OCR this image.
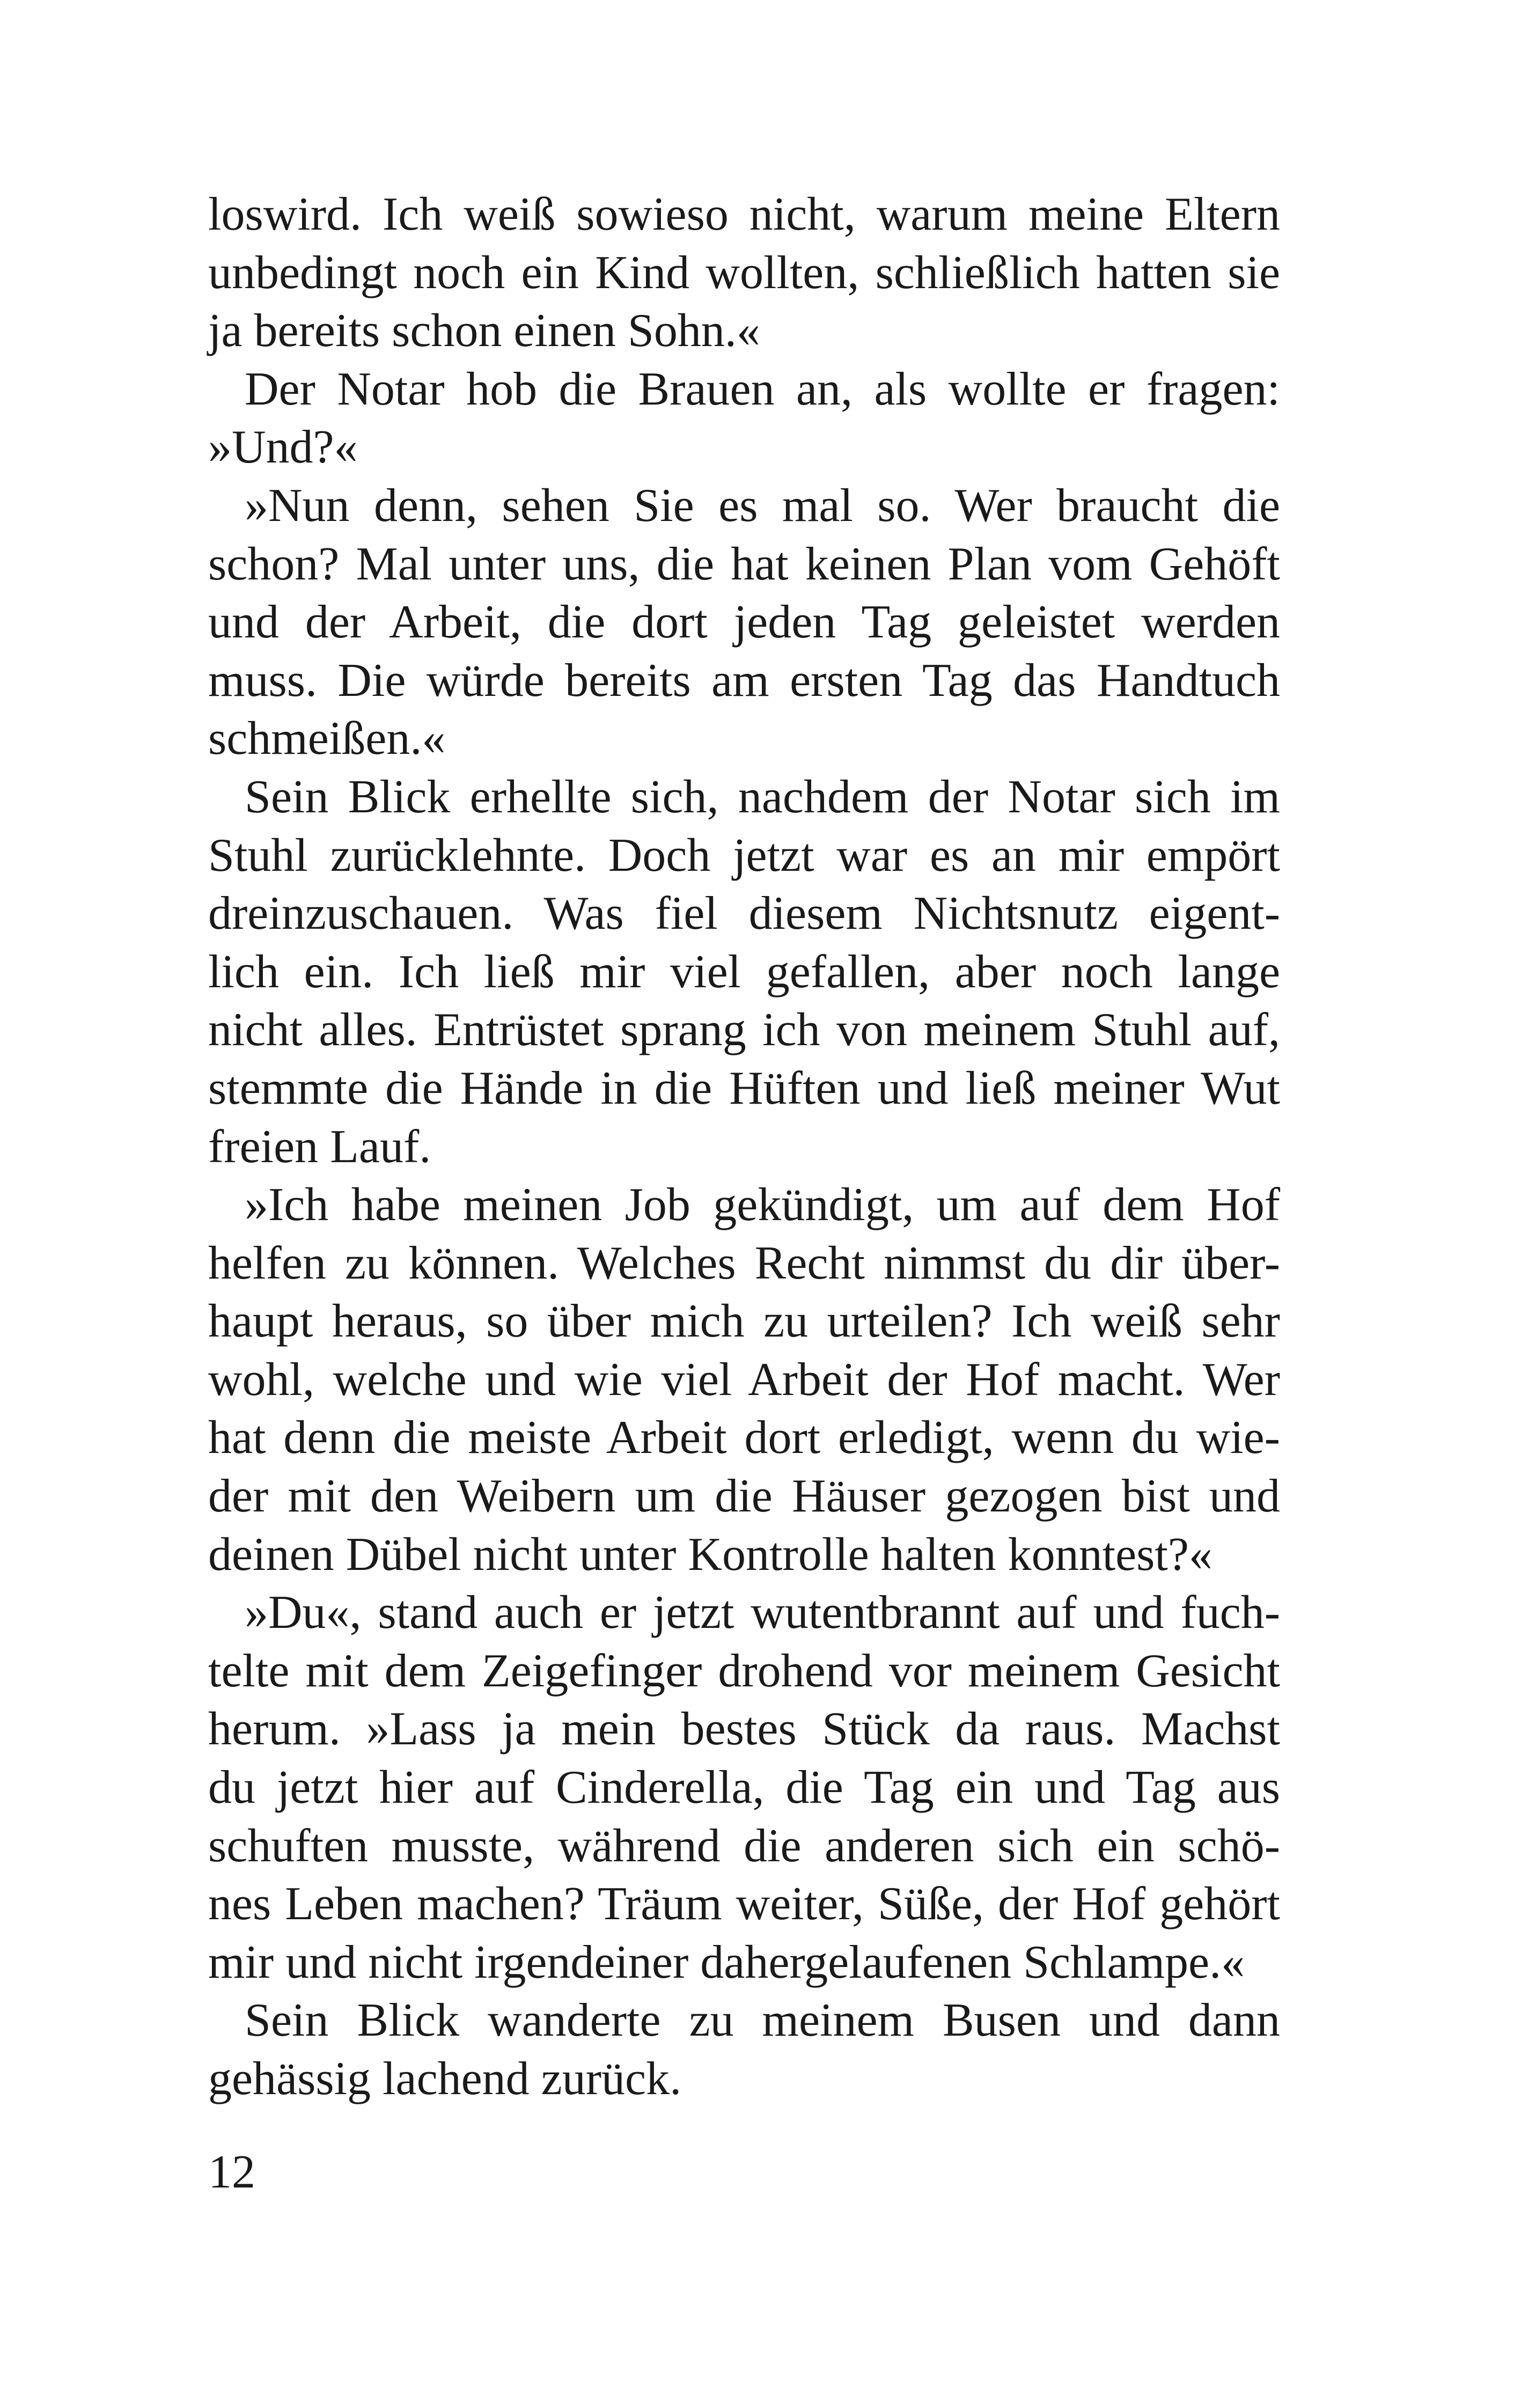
loswird. Ich weiß sowieso nicht, warum meine Eltern
unbedingt noch ein Kind wollten, schließlich hatten sie
ja bereits schon einen Sohn.«
Der Notar hob die Brauen an, als wollte er fragen:
»Und?«
»Nun denn, sehen Sie es mal so. Wer braucht die
schon? Mal unter uns, die hat keinen Plan vom Gehöft
und der Arbeit, die dort jeden Tag geleistet werden
muss. Die würde bereits am ersten Tag das Handtuch
schmeißen.«
Sein Blick erhellte sich, nachdem der Notar sich im
Stuhl zurücklehnte. Doch jetzt war es an mir empört
dreinzuschauen. Was fiel diesem Nichtsnutz eigent-
lich ein. Ich ließ mir viel gefallen, aber noch lange
nicht alles. Entrüstet sprang ich von meinem Stuhl auf,
stemmte die Hände in die Hüften und ließ meiner Wut
freien Lauf.
»Ich habe meinen Job gekündigt, um auf dem Hof
helfen zu können. Welches Recht nimmst du dir über-
haupt heraus, so über mich zu urteilen? Ich weiß sehr
wohl, welche und wie viel Arbeit der Hof macht. Wer
hat denn die meiste Arbeit dort erledigt, wenn du wie-
der mit den Weibern um die Häuser gezogen bist und
deinen Dübel nicht unter Kontrolle halten konntest?«
»Du«, stand auch er jetzt wutentbrannt auf und fuch-
telte mit dem Zeigefinger drohend vor meinem Gesicht
herum. »Lass ja mein bestes Stück da raus. Machst
du jetzt hier auf Cinderella, die Tag ein und Tag aus
schuften musste, während die anderen sich ein schö-
nes Leben machen? Träum weiter, Süße, der Hof gehört
mir und nicht irgendeiner dahergelaufenen Schlampe.«
Sein Blick wanderte zu meinem Busen und dann
gehässig lachend zurück.
12
